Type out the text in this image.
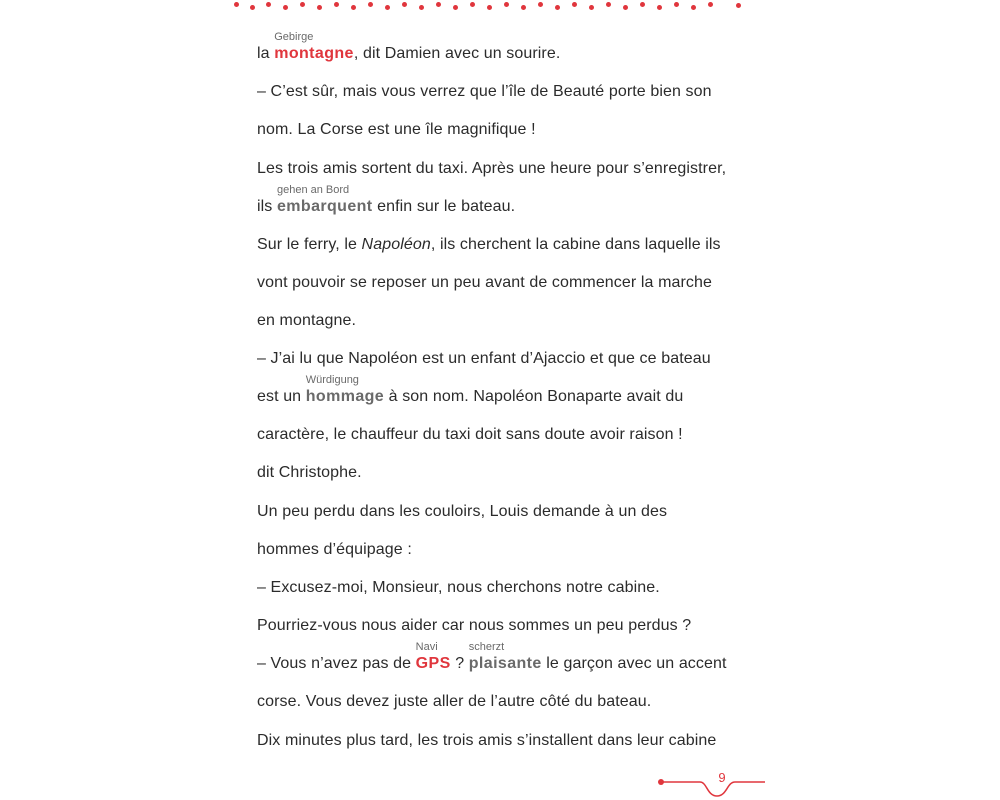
la
Gebirge
montagne, dit Damien avec un sourire.
– C’est sûr, mais vous verrez que l’île de Beauté porte bien son
nom. La Corse est une île magnifique !
Les trois amis sortent du taxi. Après une heure pour s’enregistrer,
ils
gehen an Bord
embarquent enfin sur le bateau.
Sur le ferry, le Napoléon, ils cherchent la cabine dans laquelle ils
vont pouvoir se reposer un peu avant de commencer la marche
en montagne.
– J’ai lu que Napoléon est un enfant d’Ajaccio et que ce bateau
est un
Würdigung
hommage à son nom. Napoléon Bonaparte avait du
caractère, le chauffeur du taxi doit sans doute avoir raison !
dit Christophe.
Un peu perdu dans les couloirs, Louis demande à un des
hommes d’équipage :
– Excusez-moi, Monsieur, nous cherchons notre cabine.
Pourriez-vous nous aider car nous sommes un peu perdus ?
– Vous n’avez pas de
Navi
GPS ?
scherzt
plaisante le garçon avec un accent
corse. Vous devez juste aller de l’autre côté du bateau.
Dix minutes plus tard, les trois amis s’installent dans leur cabine
9
